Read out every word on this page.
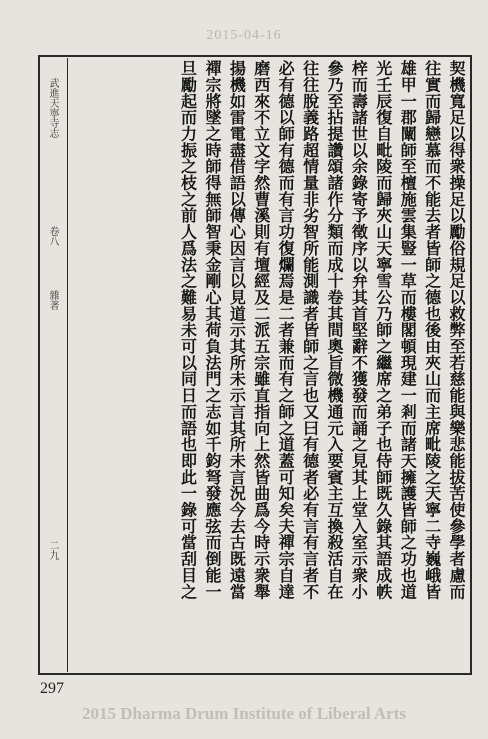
2015-04-16
武進天寧寺志
卷八
雜著
二九	契機寬足以得衆操足以勵俗規足以救弊至若慈能與樂悲能拔苦使參學者慮而
往實而歸戀慕而不能去者皆師之德也後由夾山而主席毗陵之天寧二寺巍峨皆
雄甲一郡闡師至檀施雲集豎一草而樓閣頓現建一剎而諸天擁護皆師之功也道
光壬辰復自毗陵而歸夾山天寧雪公乃師之繼席之弟子也侍師既久錄其語成帙
梓而壽諸世以余錄寄予徵序以弁其首堅辭不獲發而誦之見其上堂入室示衆小
參乃至拈提讚頌諸作分類而成十卷其間奧旨微機通元入要賓主互換殺活自在
往往脫義路超情量非劣智所能測識者皆師之言也又曰有德者必有言有言者不
必有德以師有德而有言功復爛焉是二者兼而有之師之道蓋可知矣夫禪宗自達
磨西來不立文字然曹溪則有壇經及二派五宗雖直指向上然皆曲爲今時示衆舉
揚機如雷電盡借語以傳心因言以見道示其所未示言其所未言況今去古既遠當
禪宗將墜之時師得無師智秉金剛心其荷負法門之志如千鈞弩發應弦而倒能一
旦勵起而力振之枝之前人爲法之難易未可以同日而語也即此一錄可當刮目之
297
2015 Dharma Drum Institute of Liberal Arts
